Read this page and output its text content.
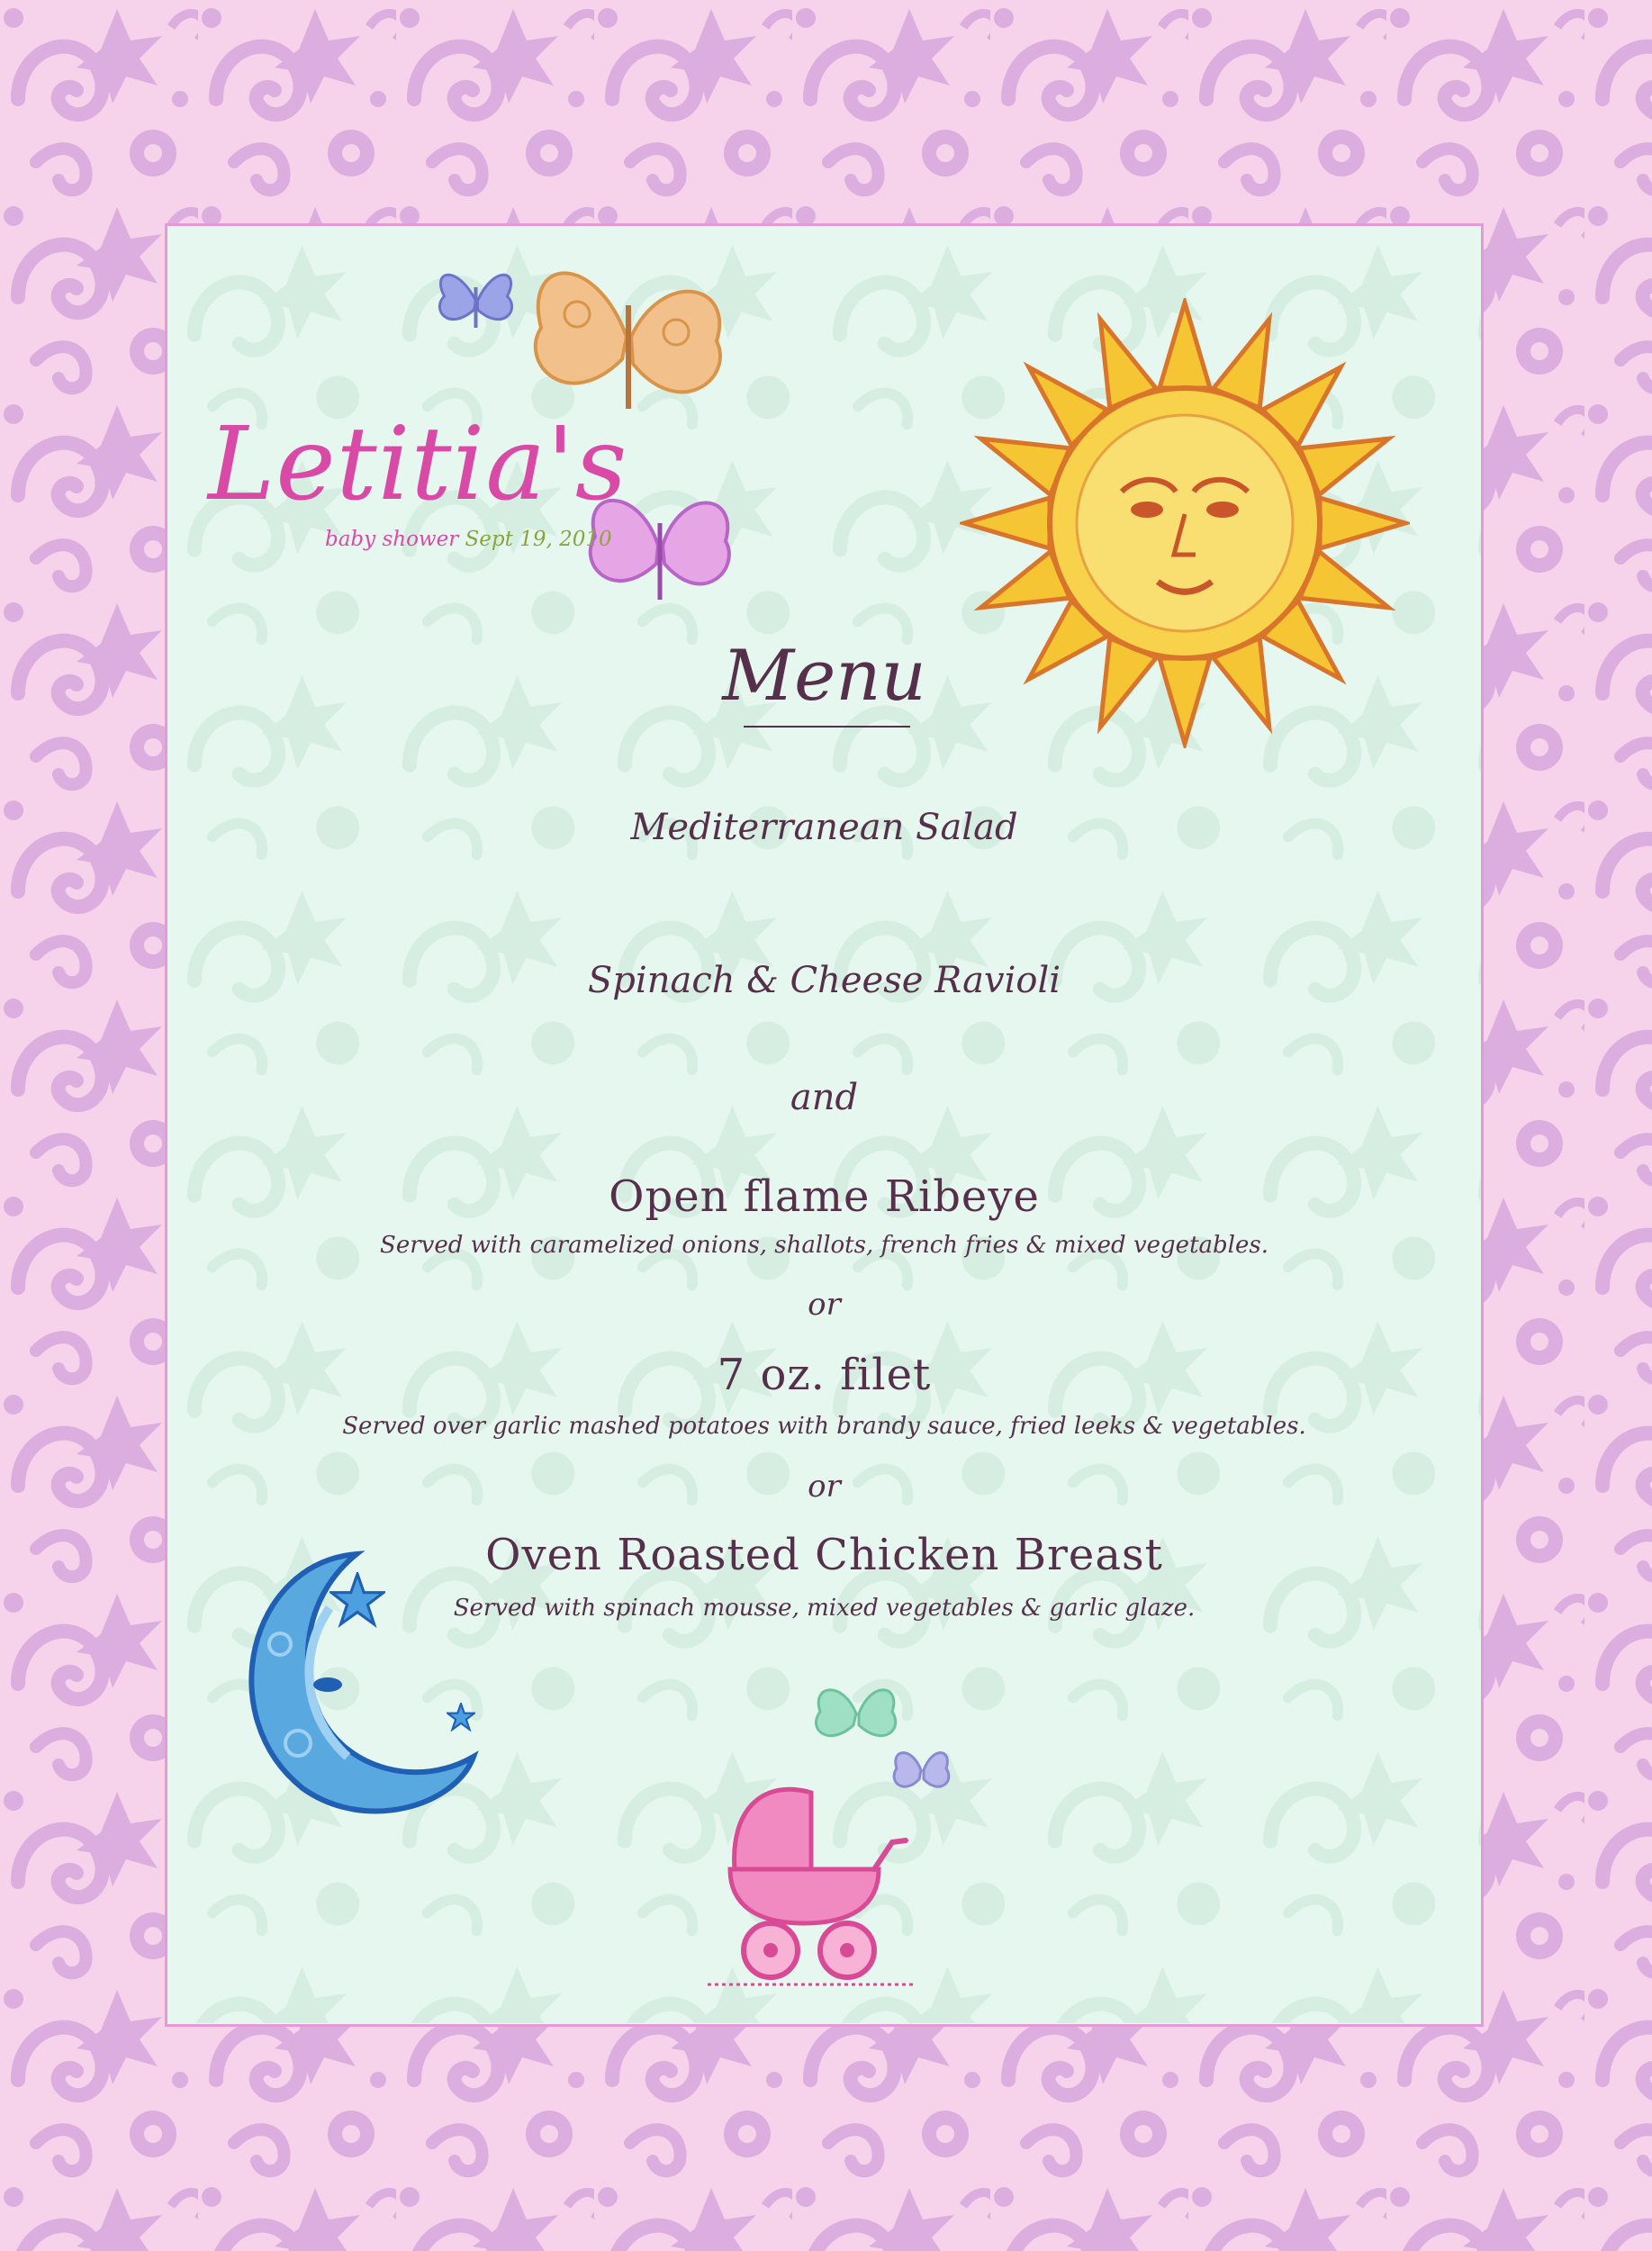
Letitia's
baby shower Sept 19, 2010
Menu
Mediterranean Salad
Spinach & Cheese Ravioli
and
Open flame Ribeye
Served with caramelized onions, shallots, french fries & mixed vegetables.
or
7 oz. filet
Served over garlic mashed potatoes with brandy sauce, fried leeks & vegetables.
or
Oven Roasted Chicken Breast
Served with spinach mousse, mixed vegetables & garlic glaze.
